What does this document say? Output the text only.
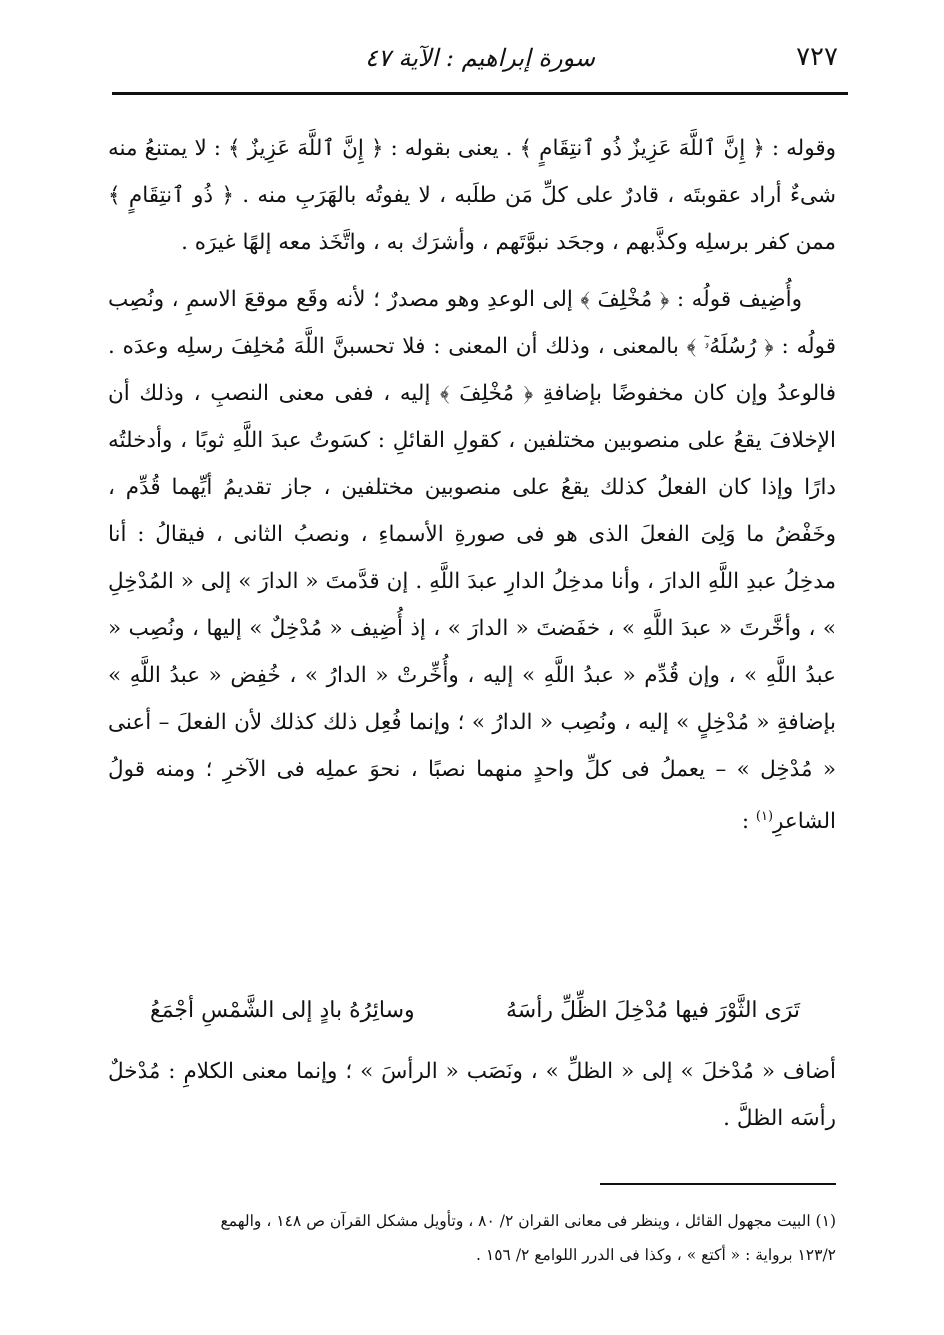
٧٢٧
سورة إبراهيم : الآية ٤٧

وقوله : ﴿ إِنَّ ٱللَّهَ عَزِيزٌ ذُو ٱنتِقَامٍ ﴾ . يعنى بقوله : ﴿ إِنَّ ٱللَّهَ عَزِيزٌ ﴾ : لا يمتنعُ منه شىءٌ أراد عقوبتَه ، قادرٌ على كلِّ مَن طلَبه ، لا يفوتُه بالهَرَبِ منه . ﴿ ذُو ٱنتِقَامٍ ﴾ ممن كفر برسلِه وكذَّبهم ، وجحَد نبوَّتَهم ، وأشرَك به ، واتَّخَذ معه إلهًا غيرَه .

وأُضِيف قولُه : ﴿ مُخْلِفَ ﴾ إلى الوعدِ وهو مصدرٌ ؛ لأنه وقَع موقعَ الاسمِ ، ونُصِب قولُه : ﴿ رُسُلَهُۥٓ ﴾ بالمعنى ، وذلك أن المعنى : فلا تحسبنَّ اللَّهَ مُخلِفَ رسلِه وعدَه . فالوعدُ وإن كان مخفوضًا بإضافةِ ﴿ مُخْلِفَ ﴾ إليه ، ففى معنى النصبِ ، وذلك أن الإخلافَ يقعُ على منصوبين مختلفين ، كقولِ القائلِ : كسَوتُ عبدَ اللَّهِ ثوبًا ، وأدخلتُه دارًا وإذا كان الفعلُ كذلك يقعُ على منصوبين مختلفين ، جاز تقديمُ أيِّهما قُدِّم ، وخَفْضُ ما وَلِىَ الفعلَ الذى هو فى صورةِ الأسماءِ ، ونصبُ الثانى ، فيقالُ : أنا مدخِلُ عبدِ اللَّهِ الدارَ ، وأنا مدخِلُ الدارِ عبدَ اللَّهِ . إن قدَّمتَ « الدارَ » إلى « المُدْخِلِ » ، وأخَّرتَ « عبدَ اللَّهِ » ، خفَضتَ « الدارَ » ، إذ أُضِيف « مُدْخِلٌ » إليها ، ونُصِب « عبدُ اللَّهِ » ، وإن قُدِّم « عبدُ اللَّهِ » إليه ، وأُخِّرتْ « الدارُ » ، خُفِض « عبدُ اللَّهِ » بإضافةِ « مُدْخِلٍ » إليه ، ونُصِب « الدارُ » ؛ وإنما فُعِل ذلك كذلك لأن الفعلَ – أعنى « مُدْخِل » – يعملُ فى كلِّ واحدٍ منهما نصبًا ، نحوَ عملِه فى الآخرِ ؛ ومنه قولُ الشاعرِ$^{(١)}$ :

تَرَى الثَّوْرَ فيها مُدْخِلَ الظِّلِّ رأسَهُ
وسائِرُهُ بادٍ إلى الشَّمْسِ أجْمَعُ

أضاف « مُدْخلَ » إلى « الظلِّ » ، ونَصَب « الرأسَ » ؛ وإنما معنى الكلامِ : مُدْخلٌ رأسَه الظلَّ .

(١) البيت مجهول القائل ، وينظر فى معانى القران ٢/ ٨٠ ، وتأويل مشكل القرآن ص ١٤٨ ، والهمع

١٢٣/٢ برواية : « أكتع » ، وكذا فى الدرر اللوامع ٢/ ١٥٦ .
